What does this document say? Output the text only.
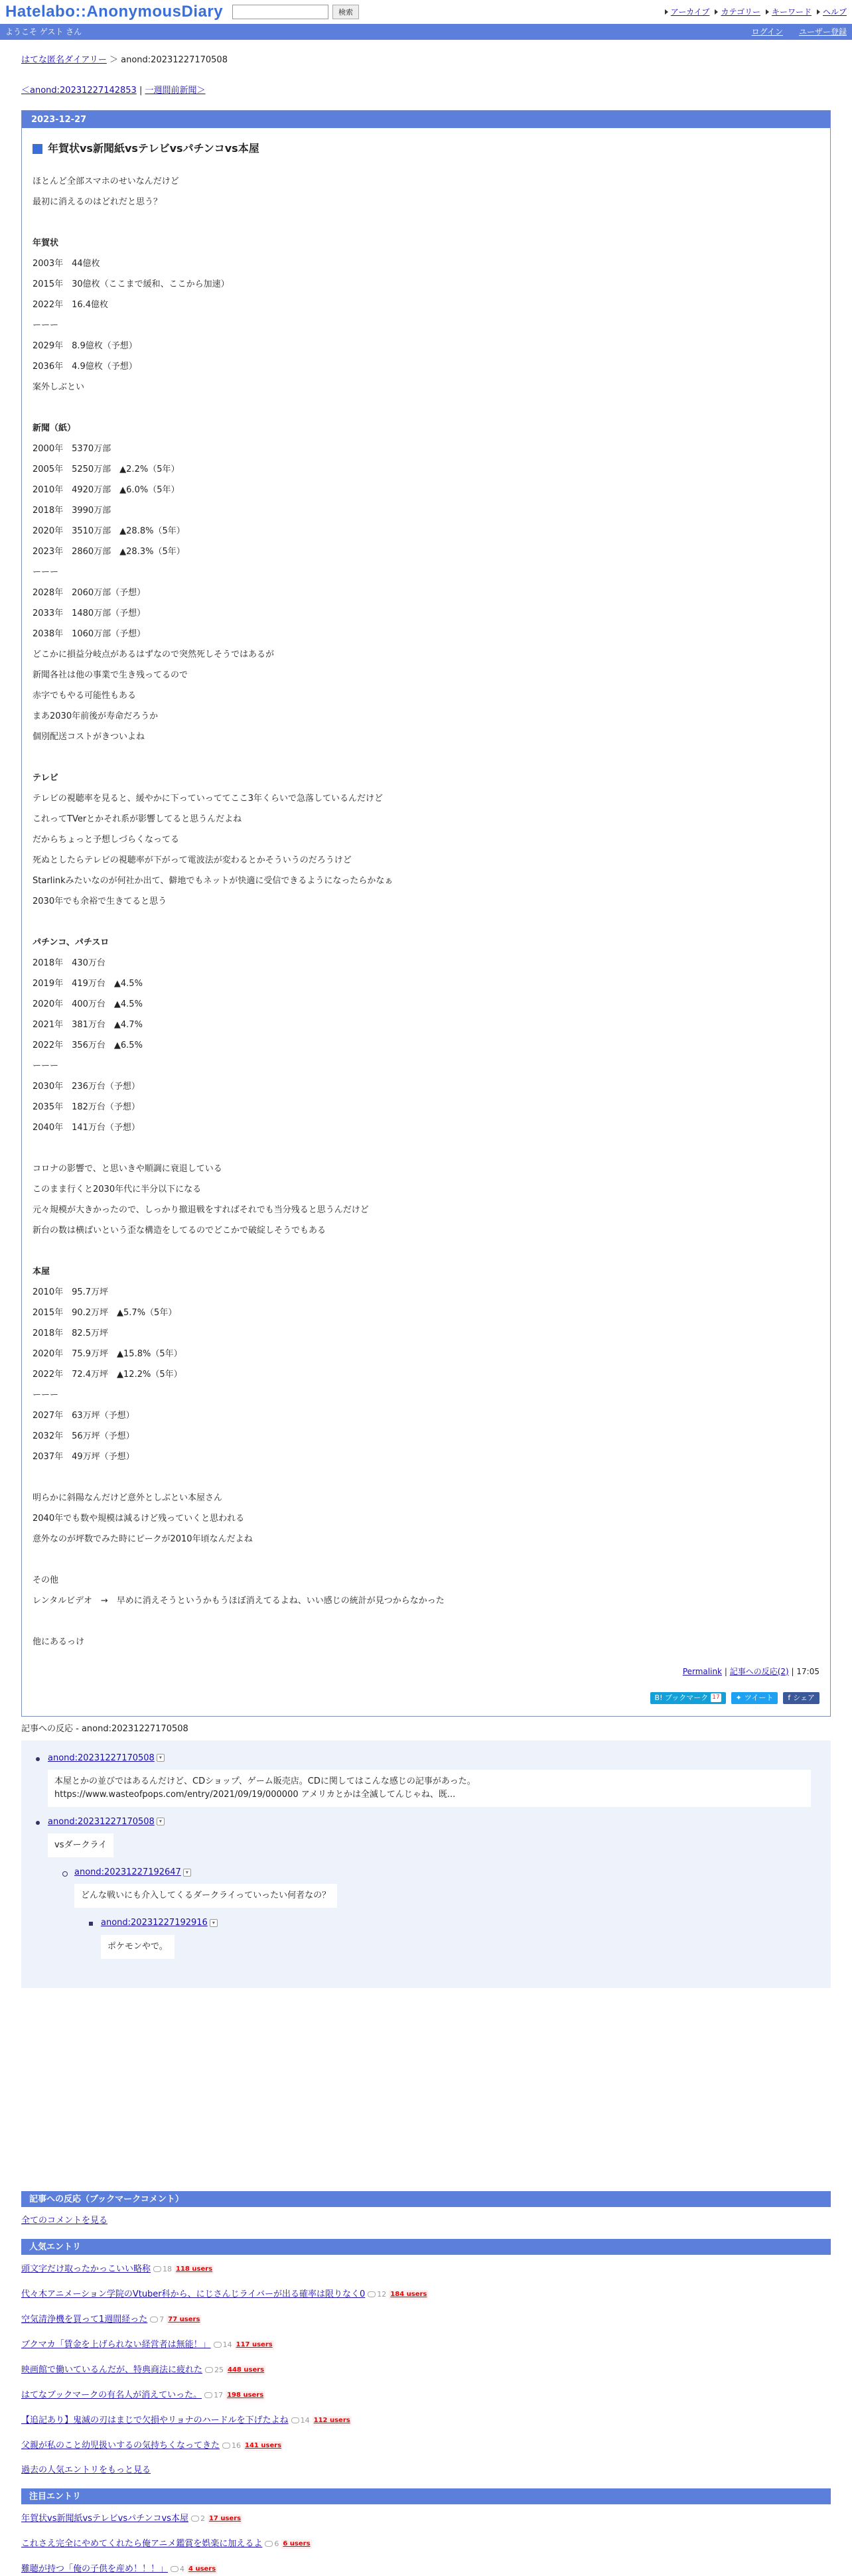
Hatelabo::AnonymousDiary	検索	アーカイブ カテゴリー キーワード ヘルプ
ようこそ ゲスト さん	ログイン ユーザー登録
はてな匿名ダイアリー ＞ anond:20231227170508
＜anond:20231227142853 | 一週間前新聞＞
2023-12-27
年賀状vs新聞紙vsテレビvsパチンコvs本屋
ほとんど全部スマホのせいなんだけど
最初に消えるのはどれだと思う？
年賀状
2003年　44億枚
2015年　30億枚（ここまで緩和、ここから加速）
2022年　16.4億枚
ーーー
2029年　8.9億枚（予想）
2036年　4.9億枚（予想）
案外しぶとい
新聞（紙）
2000年　5370万部
2005年　5250万部　▲2.2%（5年）
2010年　4920万部　▲6.0%（5年）
2018年　3990万部
2020年　3510万部　▲28.8%（5年）
2023年　2860万部　▲28.3%（5年）
ーーー
2028年　2060万部（予想）
2033年　1480万部（予想）
2038年　1060万部（予想）
どこかに損益分岐点があるはずなので突然死しそうではあるが
新聞各社は他の事業で生き残ってるので
赤字でもやる可能性もある
まあ2030年前後が寿命だろうか
個別配送コストがきついよね
テレビ
テレビの視聴率を見ると、緩やかに下っていっててここ3年くらいで急落しているんだけど
これってTVerとかそれ系が影響してると思うんだよね
だからちょっと予想しづらくなってる
死ぬとしたらテレビの視聴率が下がって電波法が変わるとかそういうのだろうけど
Starlinkみたいなのが何社か出て、僻地でもネットが快適に受信できるようになったらかなぁ
2030年でも余裕で生きてると思う
パチンコ、パチスロ
2018年　430万台
2019年　419万台　▲4.5%
2020年　400万台　▲4.5%
2021年　381万台　▲4.7%
2022年　356万台　▲6.5%
ーーー
2030年　236万台（予想）
2035年　182万台（予想）
2040年　141万台（予想）
コロナの影響で、と思いきや順調に衰退している
このまま行くと2030年代に半分以下になる
元々規模が大きかったので、しっかり撤退戦をすればそれでも当分残ると思うんだけど
新台の数は横ばいという歪な構造をしてるのでどこかで破綻しそうでもある
本屋
2010年　95.7万坪
2015年　90.2万坪　▲5.7%（5年）
2018年　82.5万坪
2020年　75.9万坪　▲15.8%（5年）
2022年　72.4万坪　▲12.2%（5年）
ーーー
2027年　63万坪（予想）
2032年　56万坪（予想）
2037年　49万坪（予想）
明らかに斜陽なんだけど意外としぶとい本屋さん
2040年でも数や規模は減るけど残っていくと思われる
意外なのが坪数でみた時にピークが2010年頃なんだよね
その他
レンタルビデオ　→　早めに消えそうというかもうほぼ消えてるよね、いい感じの統計が見つからなかった
他にあるっけ
Permalink | 記事への反応(2) | 17:05
B! ブックマーク 17 ✦ ツイート f シェア
記事への反応 - anond:20231227170508
anond:20231227170508 ▾
本屋とかの並びではあるんだけど、CDショップ、ゲーム販売店。CDに関してはこんな感じの記事があった。
https://www.wasteofpops.com/entry/2021/09/19/000000 アメリカとかは全滅してんじゃね、既...
anond:20231227170508 ▾
vsダークライ
anond:20231227192647 ▾
どんな戦いにも介入してくるダークライっていったい何者なの？
anond:20231227192916 ▾
ポケモンやで。
記事への反応（ブックマークコメント）
全てのコメントを見る
人気エントリ
頭文字だけ取ったかっこいい略称 18 118 users
代々木アニメーション学院のVtuber科から、にじさんじライバーが出る確率は限りなく0 12 184 users
空気清浄機を買って1週間経った 7 77 users
ブクマカ「賃金を上げられない経営者は無能！」 14 117 users
映画館で働いているんだが、特典商法に疲れた 25 448 users
はてなブックマークの有名人が消えていった。 17 198 users
【追記あり】鬼滅の刃はまじで欠損やリョナのハードルを下げたよね 14 112 users
父親が私のこと幼児扱いするの気持ちくなってきた 16 141 users
過去の人気エントリをもっと見る
注目エントリ
年賀状vs新聞紙vsテレビvsパチンコvs本屋 2 17 users
これさえ完全にやめてくれたら俺アニメ鑑賞を娯楽に加えるよ 6 6 users
難聴が持つ「俺の子供を産め！！！」 4 4 users
